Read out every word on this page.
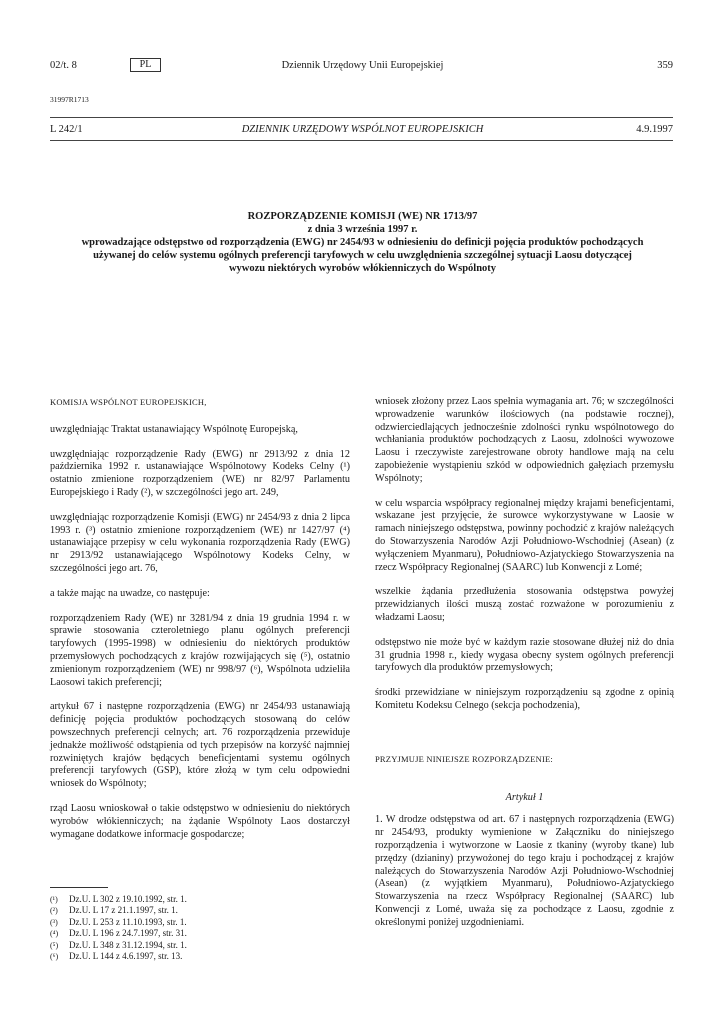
02/t. 8	PL	Dziennik Urzędowy Unii Europejskiej	359
31997R1713
L 242/1	DZIENNIK URZĘDOWY WSPÓLNOT EUROPEJSKICH	4.9.1997
ROZPORZĄDZENIE KOMISJI (WE) NR 1713/97
z dnia 3 września 1997 r.
wprowadzające odstępstwo od rozporządzenia (EWG) nr 2454/93 w odniesieniu do definicji pojęcia produktów pochodzących używanej do celów systemu ogólnych preferencji taryfowych w celu uwzględnienia szczególnej sytuacji Laosu dotyczącej wywozu niektórych wyrobów włókienniczych do Wspólnoty

KOMISJA WSPÓLNOT EUROPEJSKICH,

uwzględniając Traktat ustanawiający Wspólnotę Europejską,

uwzględniając rozporządzenie Rady (EWG) nr 2913/92 z dnia 12 października 1992 r. ustanawiające Wspólnotowy Kodeks Celny (¹) ostatnio zmienione rozporządzeniem (WE) nr 82/97 Parlamentu Europejskiego i Rady (²), w szczególności jego art. 249,

uwzględniając rozporządzenie Komisji (EWG) nr 2454/93 z dnia 2 lipca 1993 r. (³) ostatnio zmienione rozporządzeniem (WE) nr 1427/97 (⁴) ustanawiające przepisy w celu wykonania rozporządzenia Rady (EWG) nr 2913/92 ustanawiającego Wspólnotowy Kodeks Celny, w szczególności jego art. 76,

a także mając na uwadze, co następuje:

rozporządzeniem Rady (WE) nr 3281/94 z dnia 19 grudnia 1994 r. w sprawie stosowania czteroletniego planu ogólnych preferencji taryfowych (1995-1998) w odniesieniu do niektórych produktów przemysłowych pochodzących z krajów rozwijających się (⁵), ostatnio zmienionym rozporządzeniem (WE) nr 998/97 (⁶), Wspólnota udzieliła Laosowi takich preferencji;

artykuł 67 i następne rozporządzenia (EWG) nr 2454/93 ustanawiają definicję pojęcia produktów pochodzących stosowaną do celów powszechnych preferencji celnych; art. 76 rozporządzenia przewiduje jednakże możliwość odstąpienia od tych przepisów na korzyść najmniej rozwiniętych krajów będących beneficjentami systemu ogólnych preferencji taryfowych (GSP), które złożą w tym celu odpowiedni wniosek do Wspólnoty;

rząd Laosu wnioskował o takie odstępstwo w odniesieniu do niektórych wyrobów włókienniczych; na żądanie Wspólnoty Laos dostarczył wymagane dodatkowe informacje gospodarcze;

(¹)	Dz.U. L 302 z 19.10.1992, str. 1.
(²)	Dz.U. L 17 z 21.1.1997, str. 1.
(³)	Dz.U. L 253 z 11.10.1993, str. 1.
(⁴)	Dz.U. L 196 z 24.7.1997, str. 31.
(⁵)	Dz.U. L 348 z 31.12.1994, str. 1.
(⁶)	Dz.U. L 144 z 4.6.1997, str. 13.

wniosek złożony przez Laos spełnia wymagania art. 76; w szczególności wprowadzenie warunków ilościowych (na podstawie rocznej), odzwierciedlających jednocześnie zdolności rynku wspólnotowego do wchłaniania produktów pochodzących z Laosu, zdolności wywozowe Laosu i rzeczywiste zarejestrowane obroty handlowe mają na celu zapobieżenie wystąpieniu szkód w odpowiednich gałęziach przemysłu Wspólnoty;

w celu wsparcia współpracy regionalnej między krajami beneficjentami, wskazane jest przyjęcie, że surowce wykorzystywane w Laosie w ramach niniejszego odstępstwa, powinny pochodzić z krajów należących do Stowarzyszenia Narodów Azji Południowo-Wschodniej (Asean) (z wyłączeniem Myanmaru), Południowo-Azjatyckiego Stowarzyszenia na rzecz Współpracy Regionalnej (SAARC) lub Konwencji z Lomé;

wszelkie żądania przedłużenia stosowania odstępstwa powyżej przewidzianych ilości muszą zostać rozważone w porozumieniu z władzami Laosu;

odstępstwo nie może być w każdym razie stosowane dłużej niż do dnia 31 grudnia 1998 r., kiedy wygasa obecny system ogólnych preferencji taryfowych dla produktów przemysłowych;

środki przewidziane w niniejszym rozporządzeniu są zgodne z opinią Komitetu Kodeksu Celnego (sekcja pochodzenia),

PRZYJMUJE NINIEJSZE ROZPORZĄDZENIE:

Artykuł 1

1. W drodze odstępstwa od art. 67 i następnych rozporządzenia (EWG) nr 2454/93, produkty wymienione w Załączniku do niniejszego rozporządzenia i wytworzone w Laosie z tkaniny (wyroby tkane) lub przędzy (dzianiny) przywożonej do tego kraju i pochodzącej z krajów należących do Stowarzyszenia Narodów Azji Południowo-Wschodniej (Asean) (z wyjątkiem Myanmaru), Południowo-Azjatyckiego Stowarzyszenia na rzecz Współpracy Regionalnej (SAARC) lub Konwencji z Lomé, uważa się za pochodzące z Laosu, zgodnie z określonymi poniżej uzgodnieniami.
